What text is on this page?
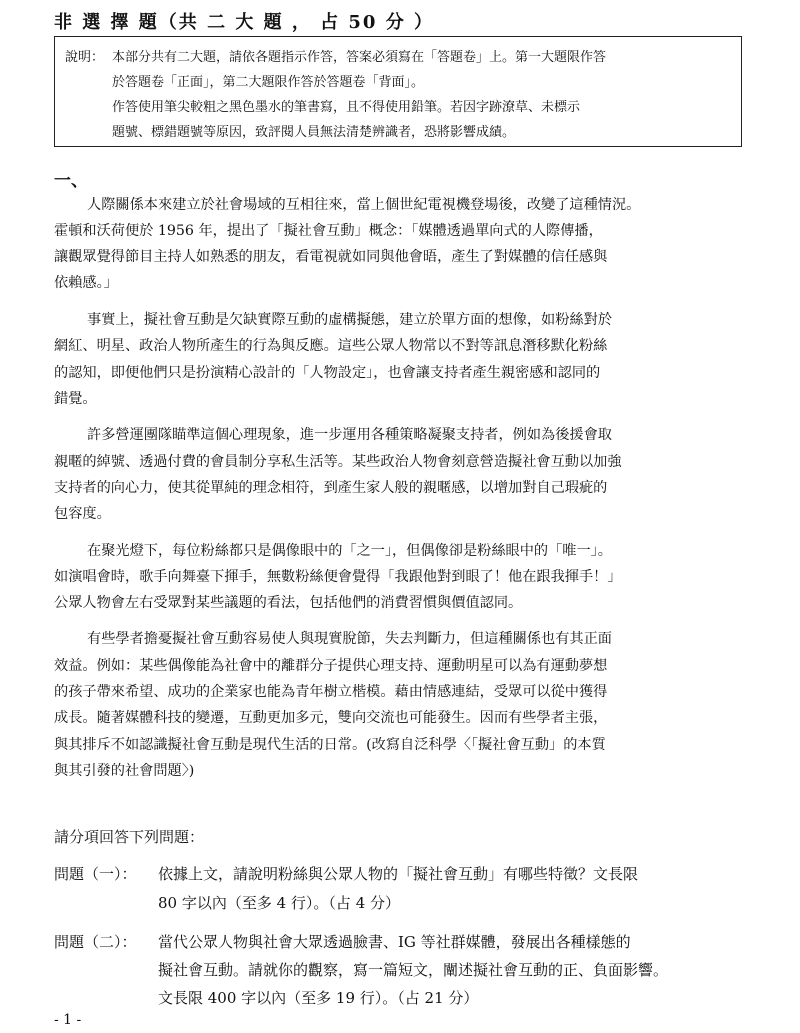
非 選 擇 題（共 二 大 題 ， 占 50 分 ）
說明： 本部分共有二大題，請依各題指示作答，答案必須寫在「答題卷」上。第一大題限作答
於答題卷「正面」，第二大題限作答於答題卷「背面」。
作答使用筆尖較粗之黑色墨水的筆書寫，且不得使用鉛筆。若因字跡潦草、未標示
題號、標錯題號等原因，致評閱人員無法清楚辨識者，恐將影響成績。
一、
人際關係本來建立於社會場域的互相往來，當上個世紀電視機登場後，改變了這種情況。
霍頓和沃荷便於 1956 年，提出了「擬社會互動」概念：「媒體透過單向式的人際傳播，
讓觀眾覺得節目主持人如熟悉的朋友，看電視就如同與他會晤，產生了對媒體的信任感與
依賴感。」
事實上，擬社會互動是欠缺實際互動的虛構擬態，建立於單方面的想像，如粉絲對於
網紅、明星、政治人物所產生的行為與反應。這些公眾人物常以不對等訊息潛移默化粉絲
的認知，即便他們只是扮演精心設計的「人物設定」，也會讓支持者產生親密感和認同的
錯覺。
許多營運團隊瞄準這個心理現象，進一步運用各種策略凝聚支持者，例如為後援會取
親暱的綽號、透過付費的會員制分享私生活等。某些政治人物會刻意營造擬社會互動以加強
支持者的向心力，使其從單純的理念相符，到產生家人般的親暱感，以增加對自己瑕疵的
包容度。
在聚光燈下，每位粉絲都只是偶像眼中的「之一」，但偶像卻是粉絲眼中的「唯一」。
如演唱會時，歌手向舞臺下揮手，無數粉絲便會覺得「我跟他對到眼了！他在跟我揮手！」
公眾人物會左右受眾對某些議題的看法，包括他們的消費習慣與價值認同。
有些學者擔憂擬社會互動容易使人與現實脫節，失去判斷力，但這種關係也有其正面
效益。例如：某些偶像能為社會中的離群分子提供心理支持、運動明星可以為有運動夢想
的孩子帶來希望、成功的企業家也能為青年樹立楷模。藉由情感連結，受眾可以從中獲得
成長。隨著媒體科技的變遷，互動更加多元，雙向交流也可能發生。因而有些學者主張，
與其排斥不如認識擬社會互動是現代生活的日常。(改寫自泛科學〈「擬社會互動」的本質
與其引發的社會問題〉)
請分項回答下列問題：
問題（一）： 依據上文，請說明粉絲與公眾人物的「擬社會互動」有哪些特徵？文長限
80 字以內（至多 4 行）。（占 4 分）
問題（二）： 當代公眾人物與社會大眾透過臉書、IG 等社群媒體，發展出各種樣態的
擬社會互動。請就你的觀察，寫一篇短文，闡述擬社會互動的正、負面影響。
文長限 400 字以內（至多 19 行）。（占 21 分）
- 1 -
